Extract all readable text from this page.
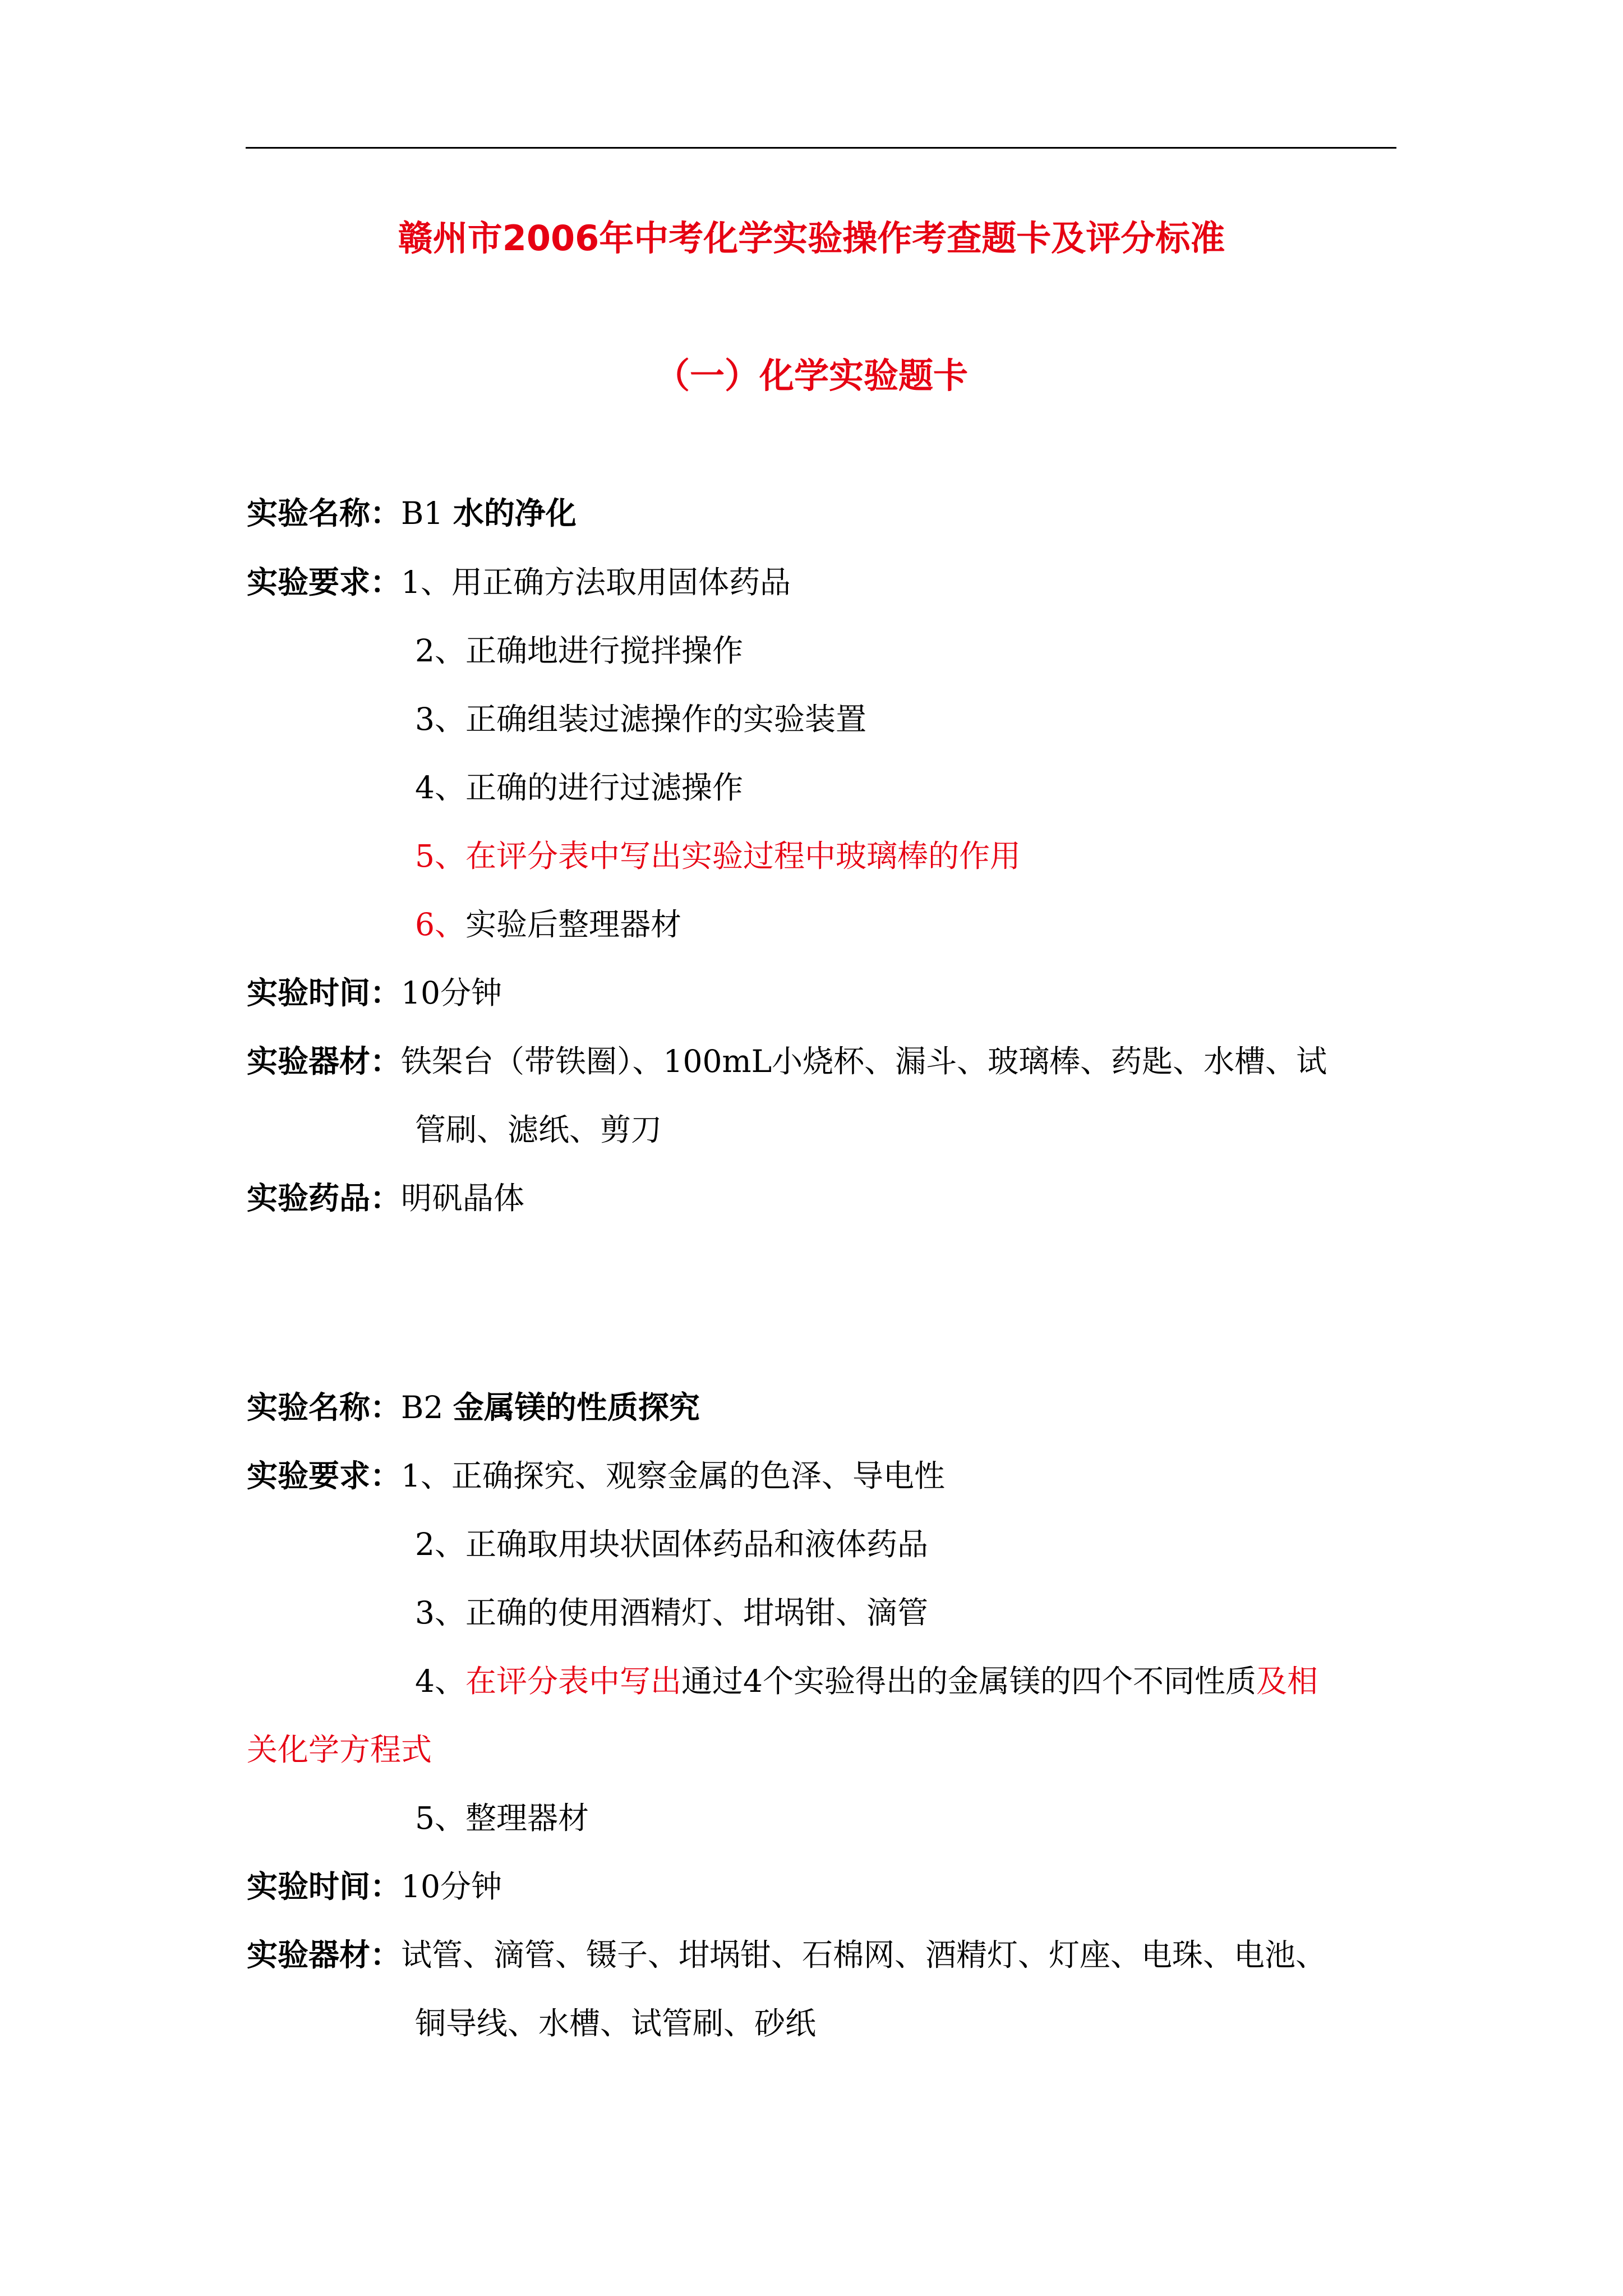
赣州市2006年中考化学实验操作考查题卡及评分标准
（一）化学实验题卡
实验名称：B1 水的净化
实验要求：1、用正确方法取用固体药品
2、正确地进行搅拌操作
3、正确组装过滤操作的实验装置
4、正确的进行过滤操作
5、在评分表中写出实验过程中玻璃棒的作用
6、实验后整理器材
实验时间：10分钟
实验器材：铁架台（带铁圈）、100mL小烧杯、漏斗、玻璃棒、药匙、水槽、试
管刷、滤纸、剪刀
实验药品：明矾晶体
实验名称：B2 金属镁的性质探究
实验要求：1、正确探究、观察金属的色泽、导电性
2、正确取用块状固体药品和液体药品
3、正确的使用酒精灯、坩埚钳、滴管
4、在评分表中写出通过4个实验得出的金属镁的四个不同性质及相
关化学方程式
5、整理器材
实验时间：10分钟
实验器材：试管、滴管、镊子、坩埚钳、石棉网、酒精灯、灯座、电珠、电池、
铜导线、水槽、试管刷、砂纸
